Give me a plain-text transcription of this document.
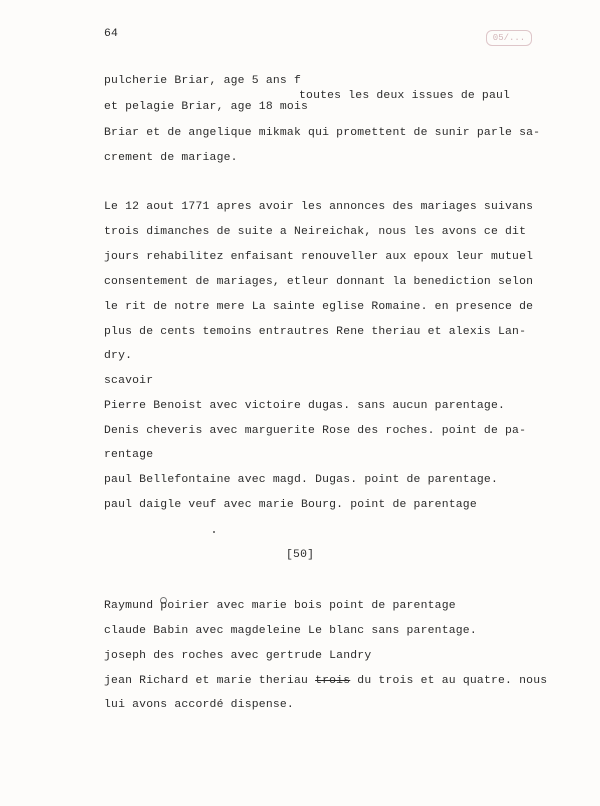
64	05/...
pulcherie Briar, age 5 ans f
toutes les deux issues de paul
et pelagie Briar, age 18 mois
Briar et de angelique mikmak qui promettent de sunir parle sa-
crement de mariage.
Le 12 aout 1771 apres avoir les annonces des mariages suivans
trois dimanches de suite a Neireichak, nous les avons ce dit
jours rehabilitez enfaisant renouveller aux epoux leur mutuel
consentement de mariages, etleur donnant la benediction selon
le rit de notre mere La sainte eglise Romaine. en presence de
plus de cents temoins entrautres Rene theriau et alexis Lan-
dry.
scavoir
Pierre Benoist avec victoire dugas. sans aucun parentage.
Denis cheveris avec marguerite Rose des roches. point de pa-
rentage
paul Bellefontaine avec magd. Dugas. point de parentage.
paul daigle veuf avec marie Bourg. point de parentage
[50]
Raymund poirier avec marie bois point de parentage
claude Babin avec magdeleine Le blanc sans parentage.
joseph des roches avec gertrude Landry
jean Richard et marie theriau trois du trois et au quatre. nous
lui avons accordé dispense.
